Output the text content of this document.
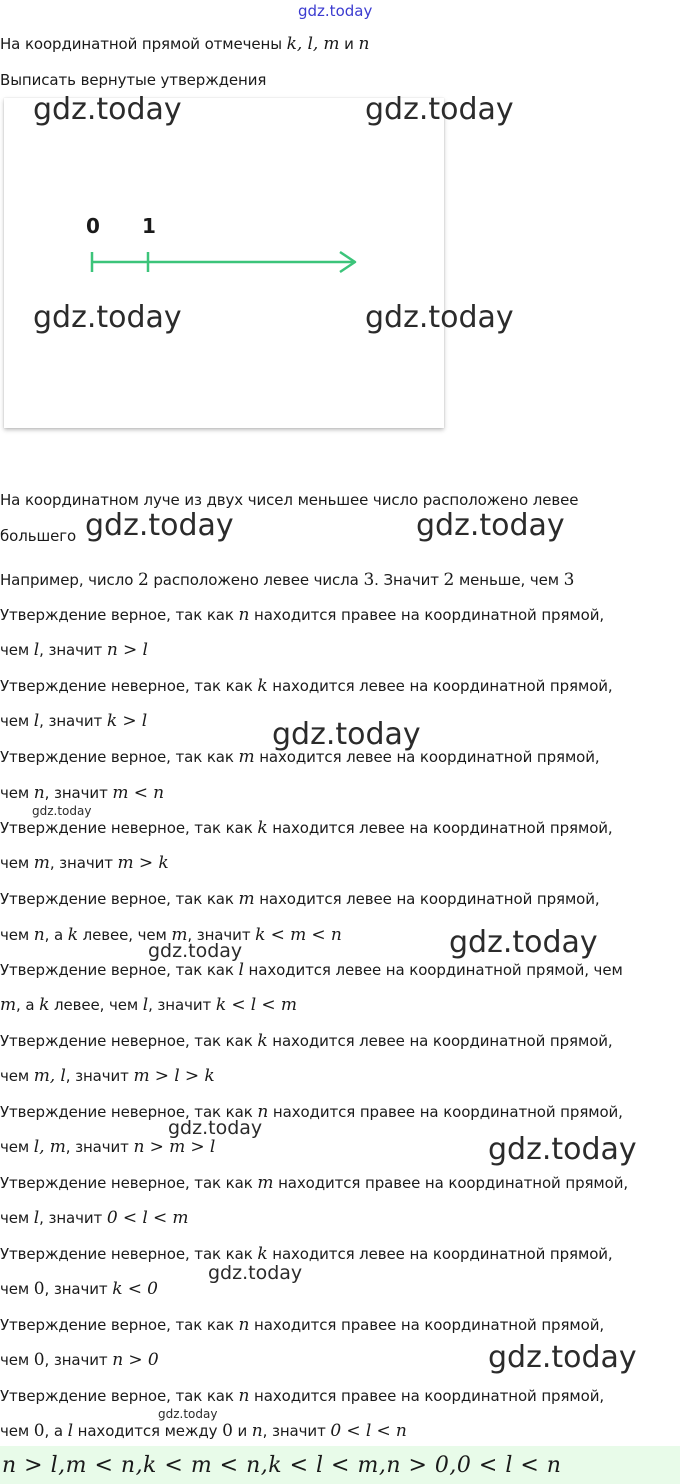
gdz.today

На координатной прямой отмечены k, l, m и n

Выписать вернутые утверждения

0 1
gdz.today	gdz.today
gdz.today	gdz.today

На координатном луче из двух чисел меньшее число расположено левее

большего gdz.today	gdz.today

Например, число 2 расположено левее числа 3. Значит 2 меньше, чем 3

Утверждение верное, так как n находится правее на координатной прямой,

чем l, значит n > l

Утверждение неверное, так как k находится левее на координатной прямой,

чем l, значит k > l	gdz.today

Утверждение верное, так как m находится левее на координатной прямой,

чем n, значит m < n

gdz.today

Утверждение неверное, так как k находится левее на координатной прямой,

чем m, значит m > k

Утверждение верное, так как m находится левее на координатной прямой,

чем n, а k левее, чем m, значит k < m < n	gdz.today
gdz.today

Утверждение верное, так как l находится левее на координатной прямой, чем

m, а k левее, чем l, значит k < l < m

Утверждение неверное, так как k находится левее на координатной прямой,

чем m, l, значит m > l > k

Утверждение неверное, так как n находится правее на координатной прямой,

чем l, m, значит n > m > l

gdz.today
gdz.today

Утверждение неверное, так как m находится правее на координатной прямой,

чем l, значит 0 < l < m

Утверждение неверное, так как k находится левее на координатной прямой,

чем 0, значит k < 0

gdz.today

Утверждение верное, так как n находится правее на координатной прямой,

чем 0, значит n > 0	gdz.today

Утверждение верное, так как n находится правее на координатной прямой,

чем 0, а l находится между 0 и n, значит 0 < l < n

gdz.today
n > l,m < n,k < m < n,k < l < m,n > 0,0 < l < n
